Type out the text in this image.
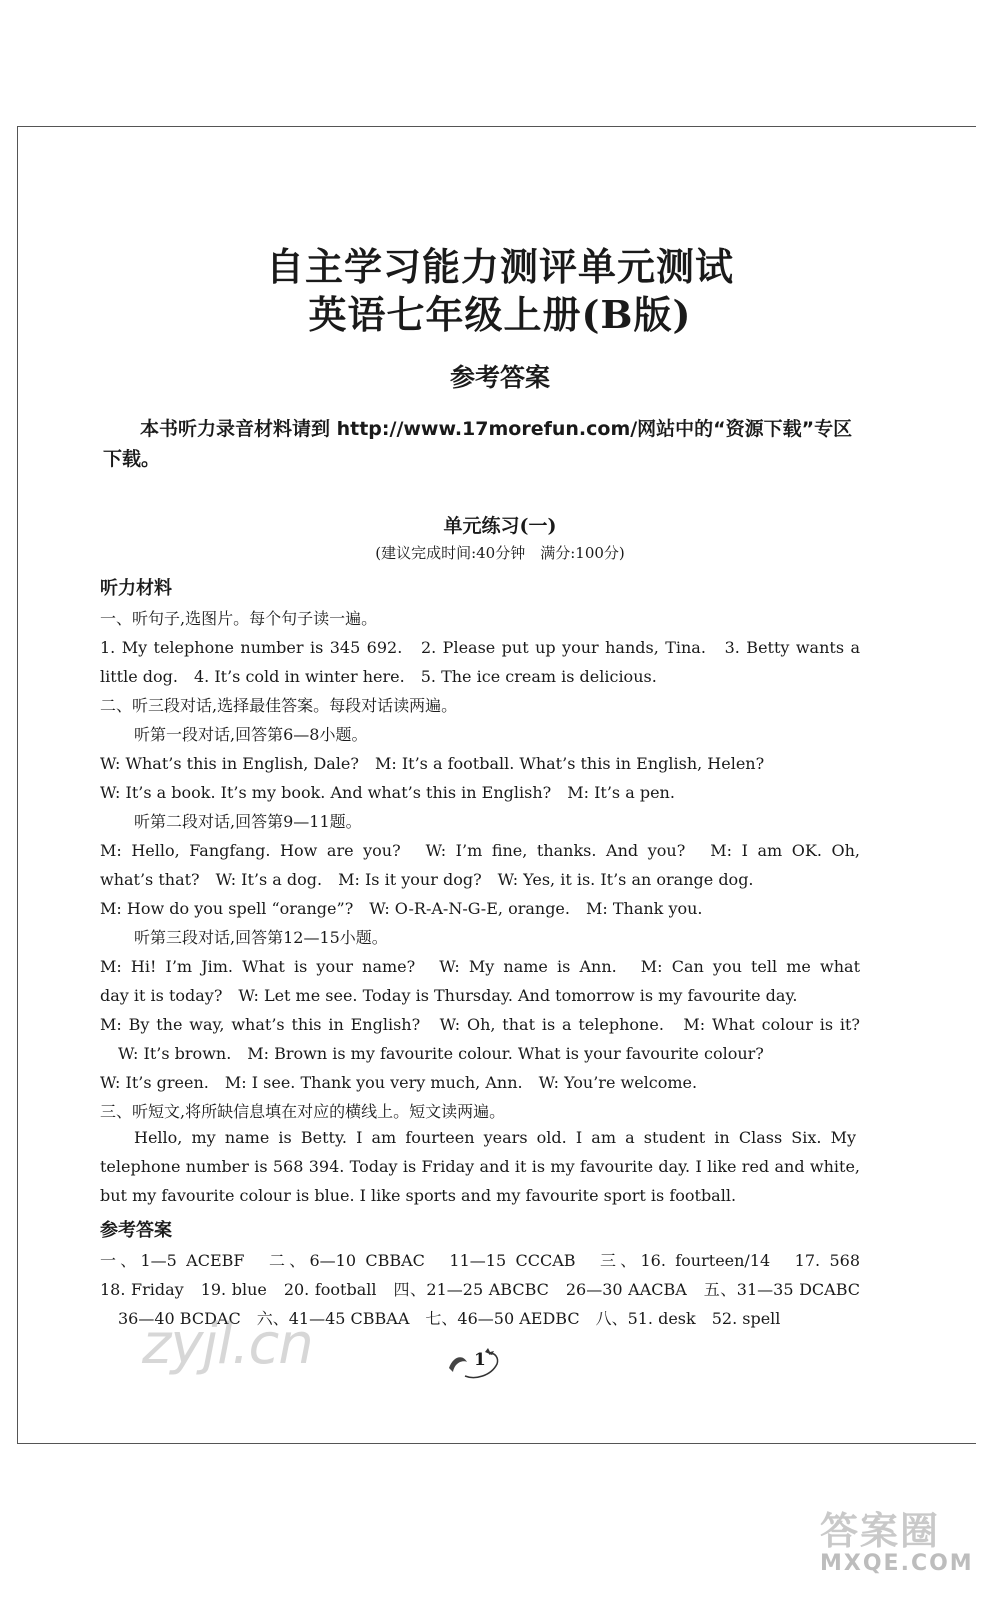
自主学习能力测评单元测试
英语七年级上册(B版)
参考答案
本书听力录音材料请到 http://www.17morefun.com/网站中的“资源下载”专区下载。
单元练习(一)
(建议完成时间:40分钟　满分:100分)
听力材料
一、听句子,选图片。每个句子读一遍。
1. My telephone number is 345 692.　2. Please put up your hands, Tina.　3. Betty wants a
little dog.　4. It’s cold in winter here.　5. The ice cream is delicious.
二、听三段对话,选择最佳答案。每段对话读两遍。
听第一段对话,回答第6—8小题。
W: What’s this in English, Dale?　M: It’s a football. What’s this in English, Helen?
W: It’s a book. It’s my book. And what’s this in English?　M: It’s a pen.
听第二段对话,回答第9—11题。
M: Hello, Fangfang. How are you?　W: I’m fine, thanks. And you?　M: I am OK. Oh,
what’s that?　W: It’s a dog.　M: Is it your dog?　W: Yes, it is. It’s an orange dog.
M: How do you spell “orange”?　W: O-R-A-N-G-E, orange.　M: Thank you.
听第三段对话,回答第12—15小题。
M: Hi! I’m Jim. What is your name?　W: My name is Ann.　M: Can you tell me what
day it is today?　W: Let me see. Today is Thursday. And tomorrow is my favourite day.
M: By the way, what’s this in English?　W: Oh, that is a telephone.　M: What colour is it?
W: It’s brown.　M: Brown is my favourite colour. What is your favourite colour?
W: It’s green.　M: I see. Thank you very much, Ann.　W: You’re welcome.
三、听短文,将所缺信息填在对应的横线上。短文读两遍。
Hello, my name is Betty. I am fourteen years old. I am a student in Class Six. My
telephone number is 568 394. Today is Friday and it is my favourite day. I like red and white,
but my favourite colour is blue. I like sports and my favourite sport is football.
参考答案
一、1—5 ACEBF　二、6—10 CBBAC　11—15 CCCAB　三、16. fourteen/14　17. 568
18. Friday　19. blue　20. football　四、21—25 ABCBC　26—30 AACBA　五、31—35 DCABC
36—40 BCDAC　六、41—45 CBBAA　七、46—50 AEDBC　八、51. desk　52. spell
zyjl.cn	1
答案圈
MXQE.COM
